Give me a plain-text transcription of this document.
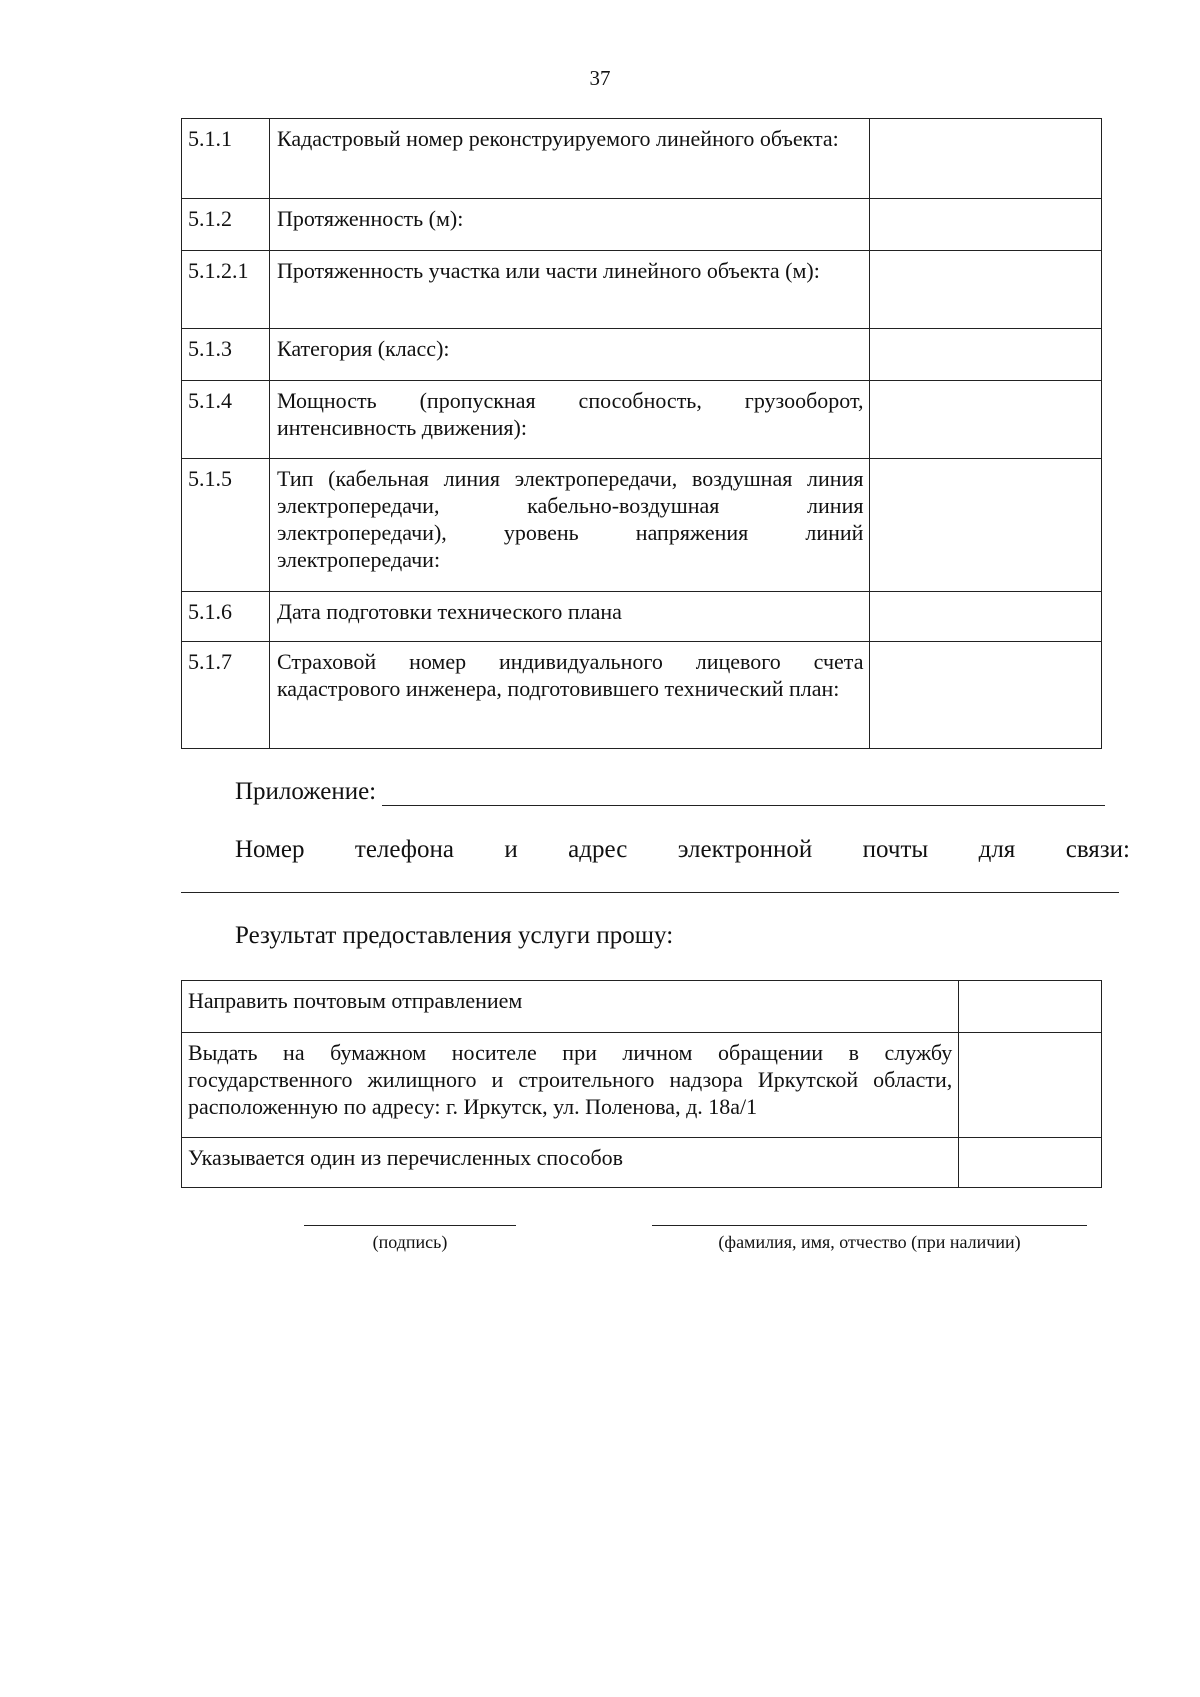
37
5.1.1	Кадастровый номер реконструируемого линейного объекта:	
5.1.2	Протяженность (м):	
5.1.2.1	Протяженность участка или части линейного объекта (м):	
5.1.3	Категория (класс):	
5.1.4	Мощность (пропускная способность, грузооборот, интенсивность движения):	
5.1.5	Тип (кабельная линия электропередачи, воздушная линия электропередачи, кабельно-воздушная линия электропередачи), уровень напряжения линий электропередачи:	
5.1.6	Дата подготовки технического плана	
5.1.7	Страховой номер индивидуального лицевого счета кадастрового инженера, подготовившего технический план:	
Приложение:
Номер телефона и адрес электронной почты для связи:
Результат предоставления услуги прошу:
Направить почтовым отправлением	
Выдать на бумажном носителе при личном обращении в службу государственного жилищного и строительного надзора Иркутской области, расположенную по адресу: г. Иркутск, ул. Поленова, д. 18а/1	
Указывается один из перечисленных способов	
(подпись)	(фамилия, имя, отчество (при наличии)
